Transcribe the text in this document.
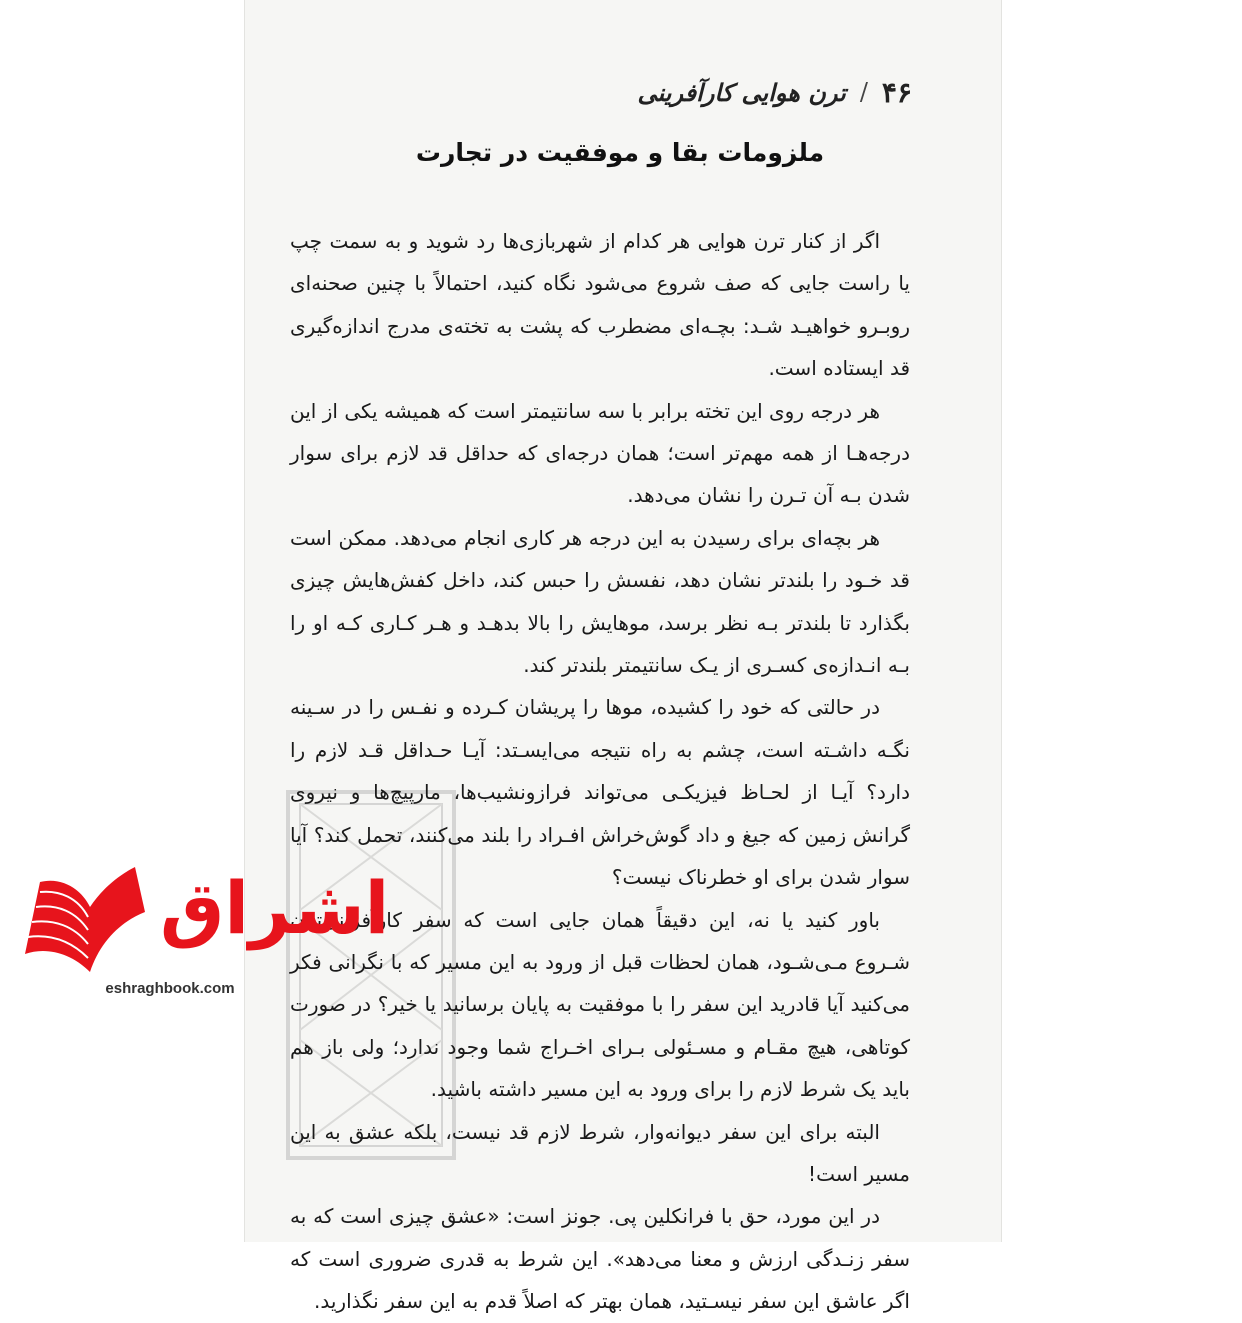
۴۶
/
ترن هوایی کارآفرینی
ملزومات بقا و موفقیت در تجارت

اگر از کنار ترن هوایی هر کدام از شهربازی‌ها رد شوید و به سمت چپ یا راست جایی که صف شروع می‌شود نگاه کنید، احتمالاً با چنین صحنه‌ای روبـرو خواهیـد شـد: بچـه‌ای مضطرب که پشت به تخته‌ی مدرج اندازه‌گیری قد ایستاده است.

هر درجه روی این تخته برابر با سه سانتیمتر است که همیشه یکی از این درجه‌هـا از همه مهم‌تر است؛ همان درجه‌ای که حداقل قد لازم برای سوار شدن بـه آن تـرن را نشان می‌دهد.

هر بچه‌ای برای رسیدن به این درجه هر کاری انجام می‌دهد. ممکن است قد خـود را بلندتر نشان دهد، نفسش را حبس کند، داخل کفش‌هایش چیزی بگذارد تا بلندتر بـه نظر برسد، موهایش را بالا بدهـد و هـر کـاری کـه او را بـه انـدازه‌ی کسـری از یـک سانتیمتر بلندتر کند.

در حالتی که خود را کشیده، موها را پریشان کـرده و نفـس را در سـینه نگـه داشـته است، چشم به راه نتیجه می‌ایسـتد: آیـا حـداقل قـد لازم را دارد؟ آیـا از لحـاظ فیزیکـی می‌تواند فرازونشیب‌ها، مارپیچ‌ها و نیروی گرانش زمین که جیغ و داد گوش‌خراش افـراد را بلند می‌کنند، تحمل کند؟ آیا سوار شدن برای او خطرناک نیست؟

باور کنید یا نه، این دقیقاً همان جایی است که سفر کارآفرینی‌تـان شـروع مـی‌شـود، همان لحظات قبل از ورود به این مسیر که با نگرانی فکر می‌کنید آیا قادرید این سفر را با موفقیت به پایان برسانید یا خیر؟ در صورت کوتاهی، هیچ مقـام و مسـئولی بـرای اخـراج شما وجود ندارد؛ ولی باز هم باید یک شرط لازم را برای ورود به این مسیر داشته باشید.

البته برای این سفر دیوانه‌وار، شرط لازم قد نیست، بلکه عشق به این مسیر است!

در این مورد، حق با فرانکلین پی. جونز است: «عشق چیزی است که به سفر زنـدگی ارزش و معنا می‌دهد». این شرط به قدری ضروری است که اگر عاشق این سفر نیسـتید، همان بهتر که اصلاً قدم به این سفر نگذارید.

اشراق
eshraghbook.com
